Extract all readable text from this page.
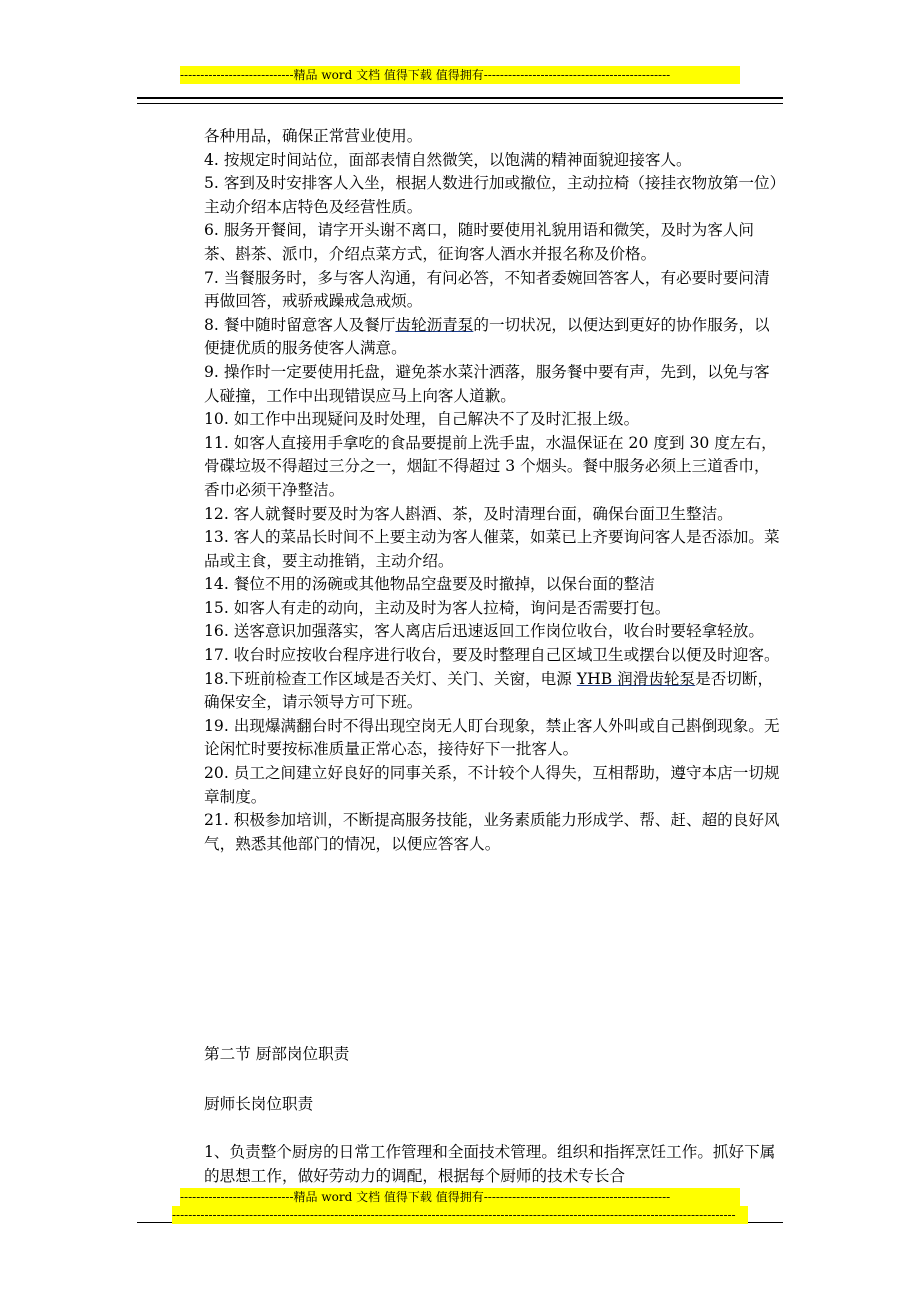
----------------------------精品 word 文档 值得下载 值得拥有----------------------------------------------

各种用品，确保正常营业使用。

4. 按规定时间站位，面部表情自然微笑，以饱满的精神面貌迎接客人。

5. 客到及时安排客人入坐，根据人数进行加或撤位，主动拉椅（接挂衣物放第一位）主动介绍本店特色及经营性质。

6. 服务开餐间，请字开头谢不离口，随时要使用礼貌用语和微笑，及时为客人问茶、斟茶、派巾，介绍点菜方式，征询客人酒水并报名称及价格。

7. 当餐服务时，多与客人沟通，有问必答，不知者委婉回答客人，有必要时要问清再做回答，戒骄戒躁戒急戒烦。

8. 餐中随时留意客人及餐厅齿轮沥青泵的一切状况，以便达到更好的协作服务，以便捷优质的服务使客人满意。

9. 操作时一定要使用托盘，避免茶水菜汁洒落，服务餐中要有声，先到，以免与客人碰撞，工作中出现错误应马上向客人道歉。

10. 如工作中出现疑问及时处理，自己解决不了及时汇报上级。

11. 如客人直接用手拿吃的食品要提前上洗手盅，水温保证在 20 度到 30 度左右，骨碟垃圾不得超过三分之一，烟缸不得超过 3 个烟头。餐中服务必须上三道香巾，香巾必须干净整洁。

12. 客人就餐时要及时为客人斟酒、茶，及时清理台面，确保台面卫生整洁。

13. 客人的菜品长时间不上要主动为客人催菜，如菜已上齐要询问客人是否添加。菜品或主食，要主动推销，主动介绍。

14. 餐位不用的汤碗或其他物品空盘要及时撤掉，以保台面的整洁

15. 如客人有走的动向，主动及时为客人拉椅，询问是否需要打包。

16. 送客意识加强落实，客人离店后迅速返回工作岗位收台，收台时要轻拿轻放。

17. 收台时应按收台程序进行收台，要及时整理自己区域卫生或摆台以便及时迎客。

18.下班前检查工作区域是否关灯、关门、关窗，电源 YHB 润滑齿轮泵是否切断，确保安全，请示领导方可下班。

19. 出现爆满翻台时不得出现空岗无人盯台现象，禁止客人外叫或自己斟倒现象。无论闲忙时要按标准质量正常心态，接待好下一批客人。

20. 员工之间建立好良好的同事关系，不计较个人得失，互相帮助，遵守本店一切规章制度。

21. 积极参加培训，不断提高服务技能，业务素质能力形成学、帮、赶、超的良好风气，熟悉其他部门的情况，以便应答客人。

第二节 厨部岗位职责
厨师长岗位职责
1、负责整个厨房的日常工作管理和全面技术管理。组织和指挥烹饪工作。抓好下属的思想工作，做好劳动力的调配，根据每个厨师的技术专长合
----------------------------精品 word 文档 值得下载 值得拥有----------------------------------------------
-------------------------------------------------------------------------------------------------------------------------------------------
